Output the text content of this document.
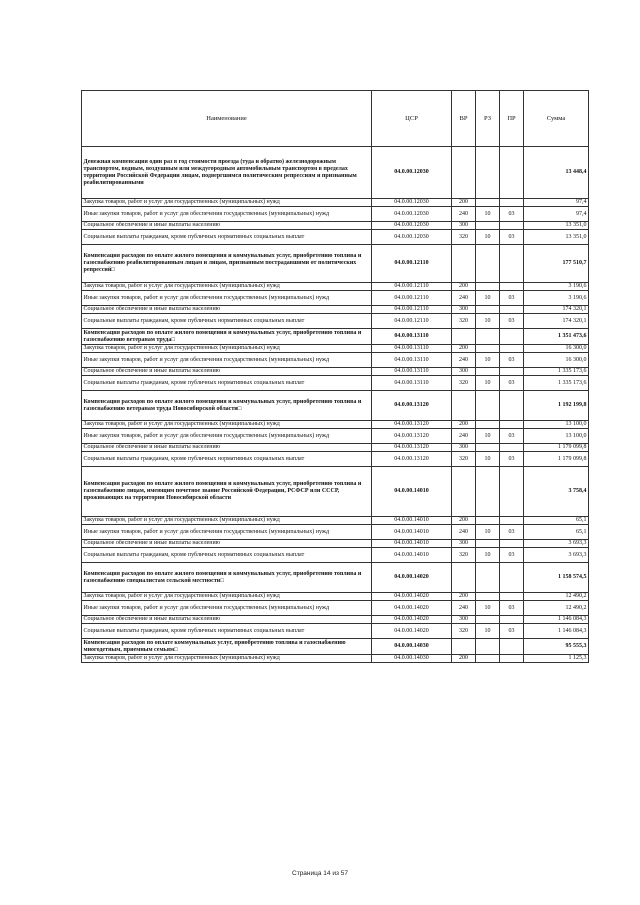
Наименование	ЦСР	ВР	РЗ	ПР	Сумма
Денежная компенсация один раз в год стоимости проезда (туда и обратно) железнодорожным транспортом, водным, воздушным или междугородным автомобильным транспортом в пределах территории Российской Федерации лицам, подвергшимся политическим репрессиям и признанным реабилитированными	04.0.00.12030				13 448,4
Закупка товаров, работ и услуг для государственных (муниципальных) нужд	04.0.00.12030	200			97,4
Иные закупки товаров, работ и услуг для обеспечения государственных (муниципальных) нужд	04.0.00.12030	240	10	03	97,4
Социальное обеспечение и иные выплаты населению	04.0.00.12030	300			13 351,0
Социальные выплаты гражданам, кроме публичных нормативных социальных выплат	04.0.00.12030	320	10	03	13 351,0
Компенсация расходов по оплате жилого помещения и коммунальных услуг, приобретению топлива и газоснабжению реабилитированным лицам и лицам, признанным пострадавшими от политических репрессий□	04.0.00.12110				177 510,7
Закупка товаров, работ и услуг для государственных (муниципальных) нужд	04.0.00.12110	200			3 190,6
Иные закупки товаров, работ и услуг для обеспечения государственных (муниципальных) нужд	04.0.00.12110	240	10	03	3 190,6
Социальное обеспечение и иные выплаты населению	04.0.00.12110	300			174 320,1
Социальные выплаты гражданам, кроме публичных нормативных социальных выплат	04.0.00.12110	320	10	03	174 320,1
Компенсация расходов по оплате жилого помещения и коммунальных услуг, приобретению топлива и газоснабжению ветеранам труда□	04.0.00.13110				1 351 473,6
Закупка товаров, работ и услуг для государственных (муниципальных) нужд	04.0.00.13110	200			16 300,0
Иные закупки товаров, работ и услуг для обеспечения государственных (муниципальных) нужд	04.0.00.13110	240	10	03	16 300,0
Социальное обеспечение и иные выплаты населению	04.0.00.13110	300			1 335 173,6
Социальные выплаты гражданам, кроме публичных нормативных социальных выплат	04.0.00.13110	320	10	03	1 335 173,6
Компенсация расходов по оплате жилого помещения и коммунальных услуг, приобретению топлива и газоснабжению ветеранам труда Новосибирской области□	04.0.00.13120				1 192 199,8
Закупка товаров, работ и услуг для государственных (муниципальных) нужд	04.0.00.13120	200			13 100,0
Иные закупки товаров, работ и услуг для обеспечения государственных (муниципальных) нужд	04.0.00.13120	240	10	03	13 100,0
Социальное обеспечение и иные выплаты населению	04.0.00.13120	300			1 179 099,8
Социальные выплаты гражданам, кроме публичных нормативных социальных выплат	04.0.00.13120	320	10	03	1 179 099,8
Компенсация расходов по оплате жилого помещения и коммунальных услуг, приобретению топлива и газоснабжению лицам, имеющим почетное звание Российской Федерации, РСФСР или СССР, проживающих на территории Новосибирской области	04.0.00.14010				3 758,4
Закупка товаров, работ и услуг для государственных (муниципальных) нужд	04.0.00.14010	200			65,1
Иные закупки товаров, работ и услуг для обеспечения государственных (муниципальных) нужд	04.0.00.14010	240	10	03	65,1
Социальное обеспечение и иные выплаты населению	04.0.00.14010	300			3 693,3
Социальные выплаты гражданам, кроме публичных нормативных социальных выплат	04.0.00.14010	320	10	03	3 693,3
Компенсация расходов по оплате жилого помещения и коммунальных услуг, приобретению топлива и газоснабжению специалистам сельской местности□	04.0.00.14020				1 158 574,5
Закупка товаров, работ и услуг для государственных (муниципальных) нужд	04.0.00.14020	200			12 490,2
Иные закупки товаров, работ и услуг для обеспечения государственных (муниципальных) нужд	04.0.00.14020	240	10	03	12 490,2
Социальное обеспечение и иные выплаты населению	04.0.00.14020	300			1 146 084,3
Социальные выплаты гражданам, кроме публичных нормативных социальных выплат	04.0.00.14020	320	10	03	1 146 084,3
Компенсация расходов по оплате коммунальных услуг, приобретению топлива и газоснабжению многодетным, приемным семьям□	04.0.00.14030				95 555,3
Закупка товаров, работ и услуг для государственных (муниципальных) нужд	04.0.00.14030	200			1 125,3
Страница 14 из 57
